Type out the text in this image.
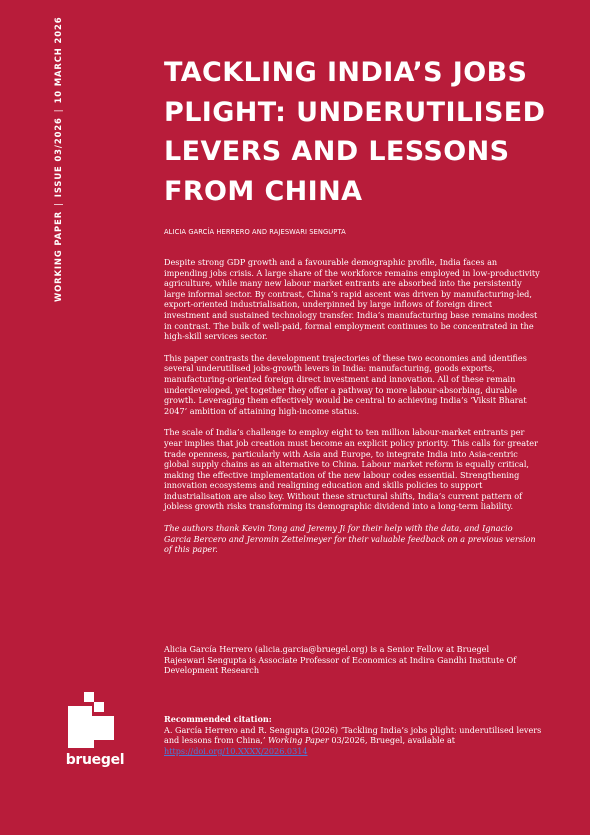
WORKING PAPER|ISSUE 03/2026|10 MARCH 2026	TACKLING INDIA’S JOBS PLIGHT: UNDERUTILISED LEVERS AND LESSONS FROM CHINA
ALICIA GARCÍA HERRERO AND RAJESWARI SENGUPTA

Despite strong GDP growth and a favourable demographic profile, India faces an impending jobs crisis. A large share of the workforce remains employed in low-productivity agriculture, while many new labour market entrants are absorbed into the persistently large informal sector. By contrast, China’s rapid ascent was driven by manufacturing-led, export-oriented industrialisation, underpinned by large inflows of foreign direct investment and sustained technology transfer. India’s manufacturing base remains modest in contrast. The bulk of well-paid, formal employment continues to be concentrated in the high-skill services sector.

This paper contrasts the development trajectories of these two economies and identifies several underutilised jobs-growth levers in India: manufacturing, goods exports, manufacturing-oriented foreign direct investment and innovation. All of these remain underdeveloped, yet together they offer a pathway to more labour-absorbing, durable growth. Leveraging them effectively would be central to achieving India’s ‘Viksit Bharat 2047’ ambition of attaining high-income status.

The scale of India’s challenge to employ eight to ten million labour-market entrants per year implies that job creation must become an explicit policy priority. This calls for greater trade openness, particularly with Asia and Europe, to integrate India into Asia-centric global supply chains as an alternative to China. Labour market reform is equally critical, making the effective implementation of the new labour codes essential. Strengthening innovation ecosystems and realigning education and skills policies to support industrialisation are also key. Without these structural shifts, India’s current pattern of jobless growth risks transforming its demographic dividend into a long-term liability.

The authors thank Kevin Tong and Jeremy Ji for their help with the data, and Ignacio Garcia Bercero and Jeromin Zettelmeyer for their valuable feedback on a previous version of this paper.

Alicia García Herrero (alicia.garcia@bruegel.org) is a Senior Fellow at Bruegel
Rajeswari Sengupta is Associate Professor of Economics at Indira Gandhi Institute Of Development Research
bruegel
Recommended citation:
A. García Herrero and R. Sengupta (2026) ‘Tackling India’s jobs plight: underutilised levers and lessons from China,’ Working Paper 03/2026, Bruegel, available at https://doi.org/10.XXXX/2026.0314
